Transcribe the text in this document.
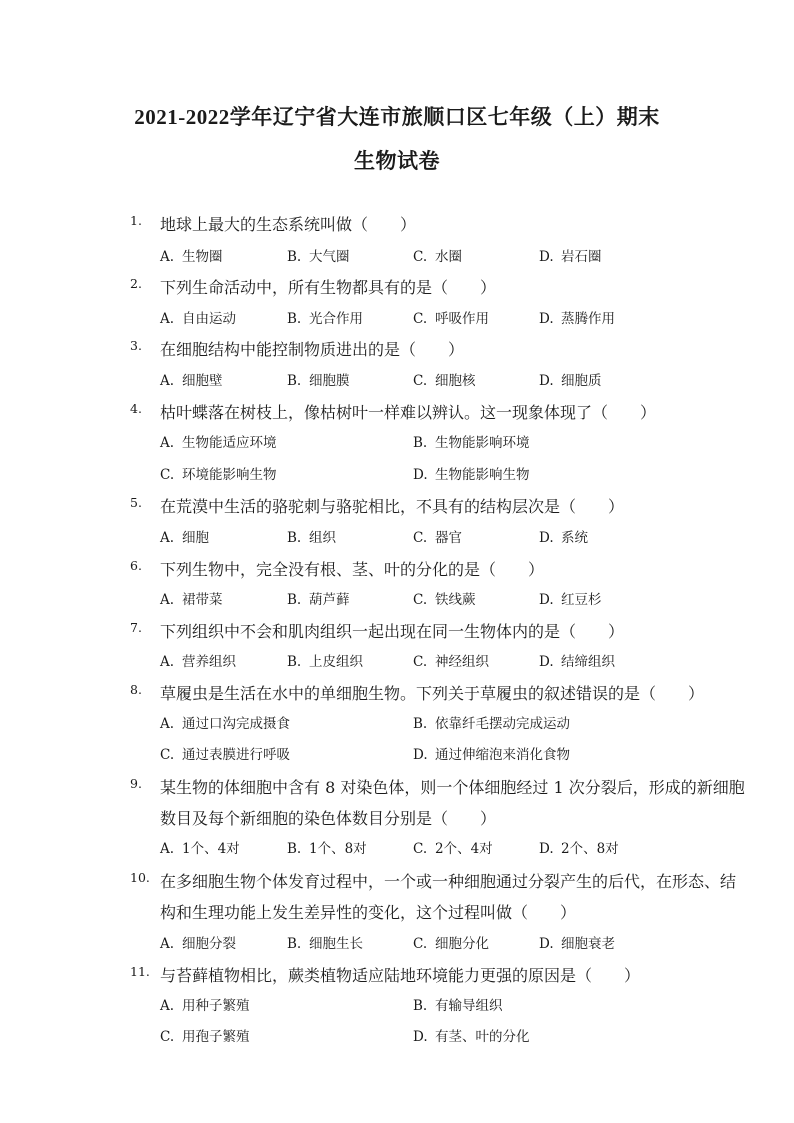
2021-2022学年辽宁省大连市旅顺口区七年级（上）期末
生物试卷
1.	地球上最大的生态系统叫做（　　）
A. 生物圈	B. 大气圈	C. 水圈	D. 岩石圈
2.	下列生命活动中，所有生物都具有的是（　　）
A. 自由运动	B. 光合作用	C. 呼吸作用	D. 蒸腾作用
3.	在细胞结构中能控制物质进出的是（　　）
A. 细胞壁	B. 细胞膜	C. 细胞核	D. 细胞质
4.	枯叶蝶落在树枝上，像枯树叶一样难以辨认。这一现象体现了（　　）
A. 生物能适应环境	B. 生物能影响环境
C. 环境能影响生物	D. 生物能影响生物
5.	在荒漠中生活的骆驼刺与骆驼相比，不具有的结构层次是（　　）
A. 细胞	B. 组织	C. 器官	D. 系统
6.	下列生物中，完全没有根、茎、叶的分化的是（　　）
A. 裙带菜	B. 葫芦藓	C. 铁线蕨	D. 红豆杉
7.	下列组织中不会和肌肉组织一起出现在同一生物体内的是（　　）
A. 营养组织	B. 上皮组织	C. 神经组织	D. 结缔组织
8.	草履虫是生活在水中的单细胞生物。下列关于草履虫的叙述错误的是（　　）
A. 通过口沟完成摄食	B. 依靠纤毛摆动完成运动
C. 通过表膜进行呼吸	D. 通过伸缩泡来消化食物
9.	某生物的体细胞中含有 8 对染色体，则一个体细胞经过 1 次分裂后，形成的新细胞
数目及每个新细胞的染色体数目分别是（　　）
A. 1个、4对	B. 1个、8对	C. 2个、4对	D. 2个、8对
10. 在多细胞生物个体发育过程中，一个或一种细胞通过分裂产生的后代，在形态、结
构和生理功能上发生差异性的变化，这个过程叫做（　　）
A. 细胞分裂	B. 细胞生长	C. 细胞分化	D. 细胞衰老
11. 与苔藓植物相比，蕨类植物适应陆地环境能力更强的原因是（　　）
A. 用种子繁殖	B. 有输导组织
C. 用孢子繁殖	D. 有茎、叶的分化
